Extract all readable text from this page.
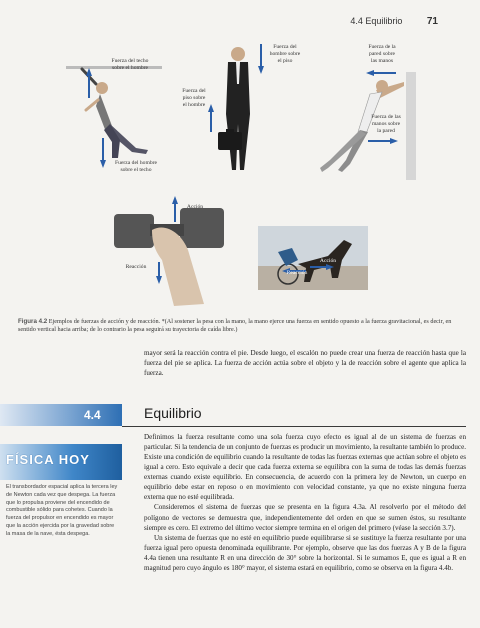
4.4 Equilibrio 71
Fuerza del techo
sobre el hombre
Fuerza del hombre
sobre el techo
Fuerza del
hombre sobre
el piso
Fuerza del
piso sobre
el hombre
Fuerza de la
pared sobre
las manos
Fuerza de las
manos sobre
la pared
Acción
Reacción
Reacción
Acción
Figura 4.2 Ejemplos de fuerzas de acción y de reacción. *(Al sostener la pesa con la mano, la mano ejerce una fuerza en sentido opuesto a la fuerza gravitacional, es decir, en sentido vertical hacia arriba; de lo contrario la pesa seguirá su trayectoria de caída libre.)

mayor será la reacción contra el pie. Desde luego, el escalón no puede crear una fuerza de reacción hasta que la fuerza del pie se aplica. La fuerza de acción actúa sobre el objeto y la de reacción sobre el agente que aplica la fuerza.

4.4	Equilibrio
FÍSICA HOY
El transbordador espacial aplica la tercera ley de Newton cada vez que despega. La fuerza que lo propulsa proviene del encendido de combustible sólido para cohetes. Cuando la fuerza del propulsor en encendido es mayor que la acción ejercida por la gravedad sobre la masa de la nave, ésta despega.

Definimos la fuerza resultante como una sola fuerza cuyo efecto es igual al de un sistema de fuerzas en particular. Si la tendencia de un conjunto de fuerzas es producir un movimiento, la resultante también lo produce. Existe una condición de equilibrio cuando la resultante de todas las fuerzas externas que actúan sobre el objeto es igual a cero. Esto equivale a decir que cada fuerza externa se equilibra con la suma de todas las demás fuerzas externas cuando existe equilibrio. En consecuencia, de acuerdo con la primera ley de Newton, un cuerpo en equilibrio debe estar en reposo o en movimiento con velocidad constante, ya que no existe ninguna fuerza externa que no esté equilibrada.

Consideremos el sistema de fuerzas que se presenta en la figura 4.3a. Al resolverlo por el método del polígono de vectores se demuestra que, independientemente del orden en que se sumen éstos, su resultante siempre es cero. El extremo del último vector siempre termina en el origen del primero (véase la sección 3.7).

Un sistema de fuerzas que no esté en equilibrio puede equilibrarse si se sustituye la fuerza resultante por una fuerza igual pero opuesta denominada equilibrante. Por ejemplo, observe que las dos fuerzas A y B de la figura 4.4a tienen una resultante R en una dirección de 30° sobre la horizontal. Si le sumamos E, que es igual a R en magnitud pero cuyo ángulo es 180° mayor, el sistema estará en equilibrio, como se observa en la figura 4.4b.
